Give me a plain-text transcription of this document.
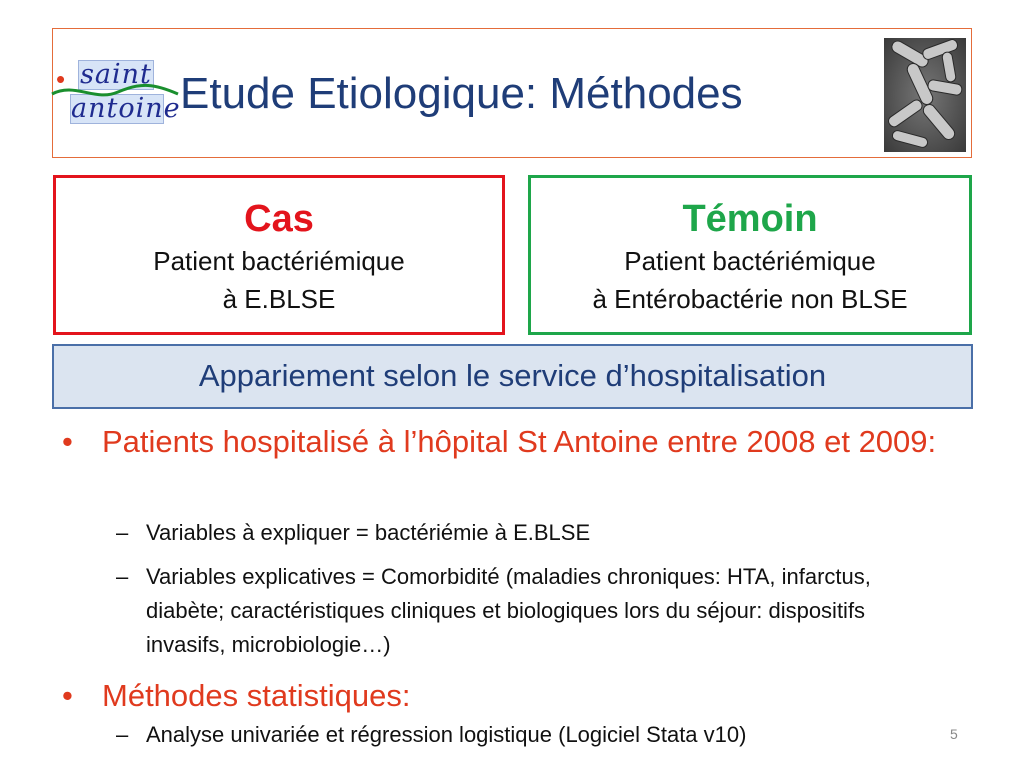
• saint
antoine Etude Etiologique: Méthodes
Cas
Patient bactériémique
à E.BLSE
Témoin
Patient bactériémique
à Entérobactérie non BLSE
Appariement selon le service d’hospitalisation
• Patients hospitalisé à l’hôpital St Antoine entre 2008 et 2009:
– Variables à expliquer = bactériémie à E.BLSE
– Variables explicatives = Comorbidité (maladies chroniques: HTA, infarctus, diabète; caractéristiques cliniques et biologiques lors du séjour: dispositifs invasifs, microbiologie…)
• Méthodes statistiques:
– Analyse univariée et régression logistique (Logiciel Stata v10)	5
